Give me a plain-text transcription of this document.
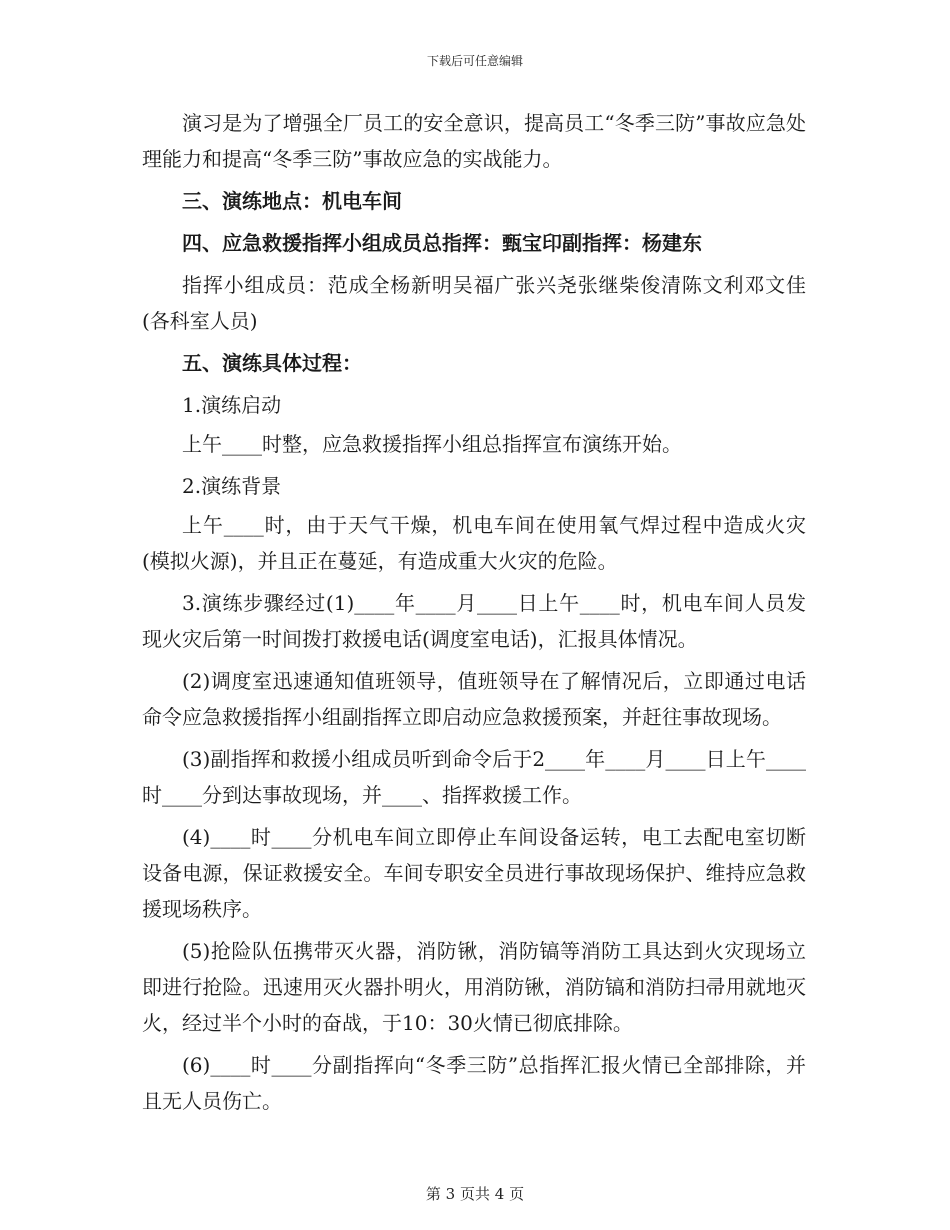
下载后可任意编辑

演习是为了增强全厂员工的安全意识，提高员工“冬季三防”事故应急处理能力和提高“冬季三防”事故应急的实战能力。

三、演练地点：机电车间

四、应急救援指挥小组成员总指挥：甄宝印副指挥：杨建东

指挥小组成员：范成全杨新明吴福广张兴尧张继柴俊清陈文利邓文佳(各科室人员)

五、演练具体过程：

1.演练启动

上午____时整，应急救援指挥小组总指挥宣布演练开始。

2.演练背景

上午____时，由于天气干燥，机电车间在使用氧气焊过程中造成火灾(模拟火源)，并且正在蔓延，有造成重大火灾的危险。

3.演练步骤经过(1)____年____月____日上午____时，机电车间人员发现火灾后第一时间拨打救援电话(调度室电话)，汇报具体情况。

(2)调度室迅速通知值班领导，值班领导在了解情况后，立即通过电话命令应急救援指挥小组副指挥立即启动应急救援预案，并赶往事故现场。

(3)副指挥和救援小组成员听到命令后于2____年____月____日上午____时____分到达事故现场，并____、指挥救援工作。

(4)____时____分机电车间立即停止车间设备运转，电工去配电室切断设备电源，保证救援安全。车间专职安全员进行事故现场保护、维持应急救援现场秩序。

(5)抢险队伍携带灭火器，消防锹，消防镐等消防工具达到火灾现场立即进行抢险。迅速用灭火器扑明火，用消防锹，消防镐和消防扫帚用就地灭火，经过半个小时的奋战，于10：30火情已彻底排除。

(6)____时____分副指挥向“冬季三防”总指挥汇报火情已全部排除，并且无人员伤亡。

第 3 页共 4 页
